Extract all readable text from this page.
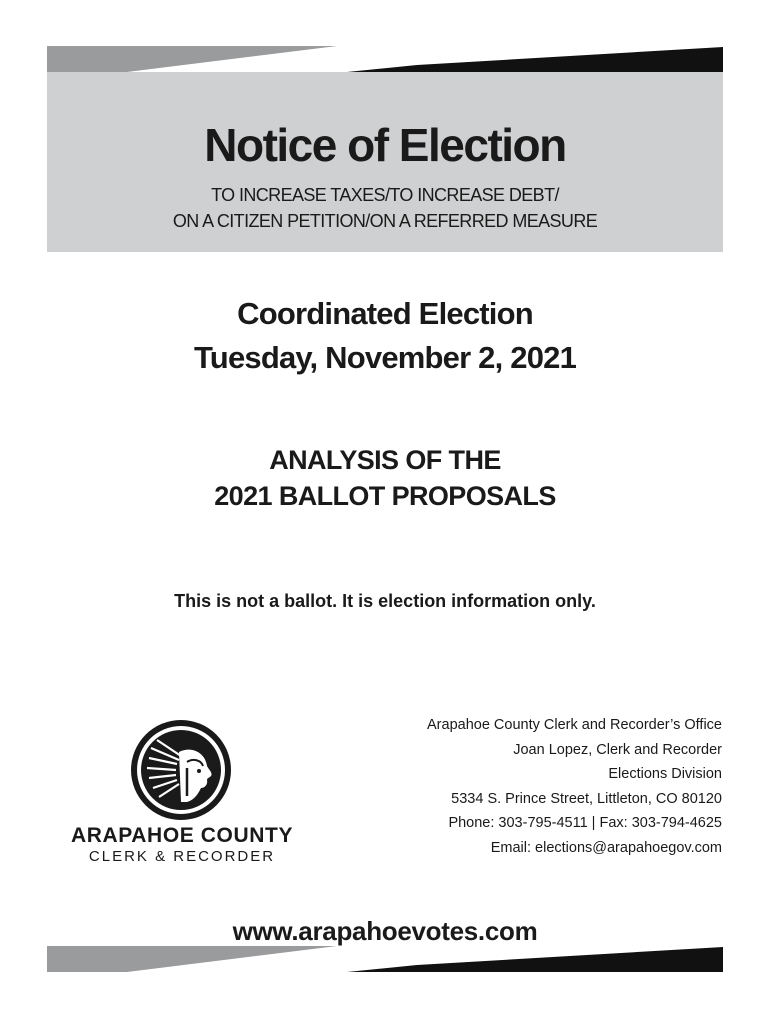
Notice of Election
TO INCREASE TAXES/TO INCREASE DEBT/
ON A CITIZEN PETITION/ON A REFERRED MEASURE
Coordinated Election
Tuesday, November 2, 2021
ANALYSIS OF THE
2021 BALLOT PROPOSALS
This is not a ballot. It is election information only.
ARAPAHOE COUNTY
CLERK & RECORDER
Arapahoe County Clerk and Recorder’s Office
Joan Lopez, Clerk and Recorder
Elections Division
5334 S. Prince Street, Littleton, CO 80120
Phone: 303-795-4511 | Fax: 303-794-4625
Email: elections@arapahoegov.com
www.arapahoevotes.com
